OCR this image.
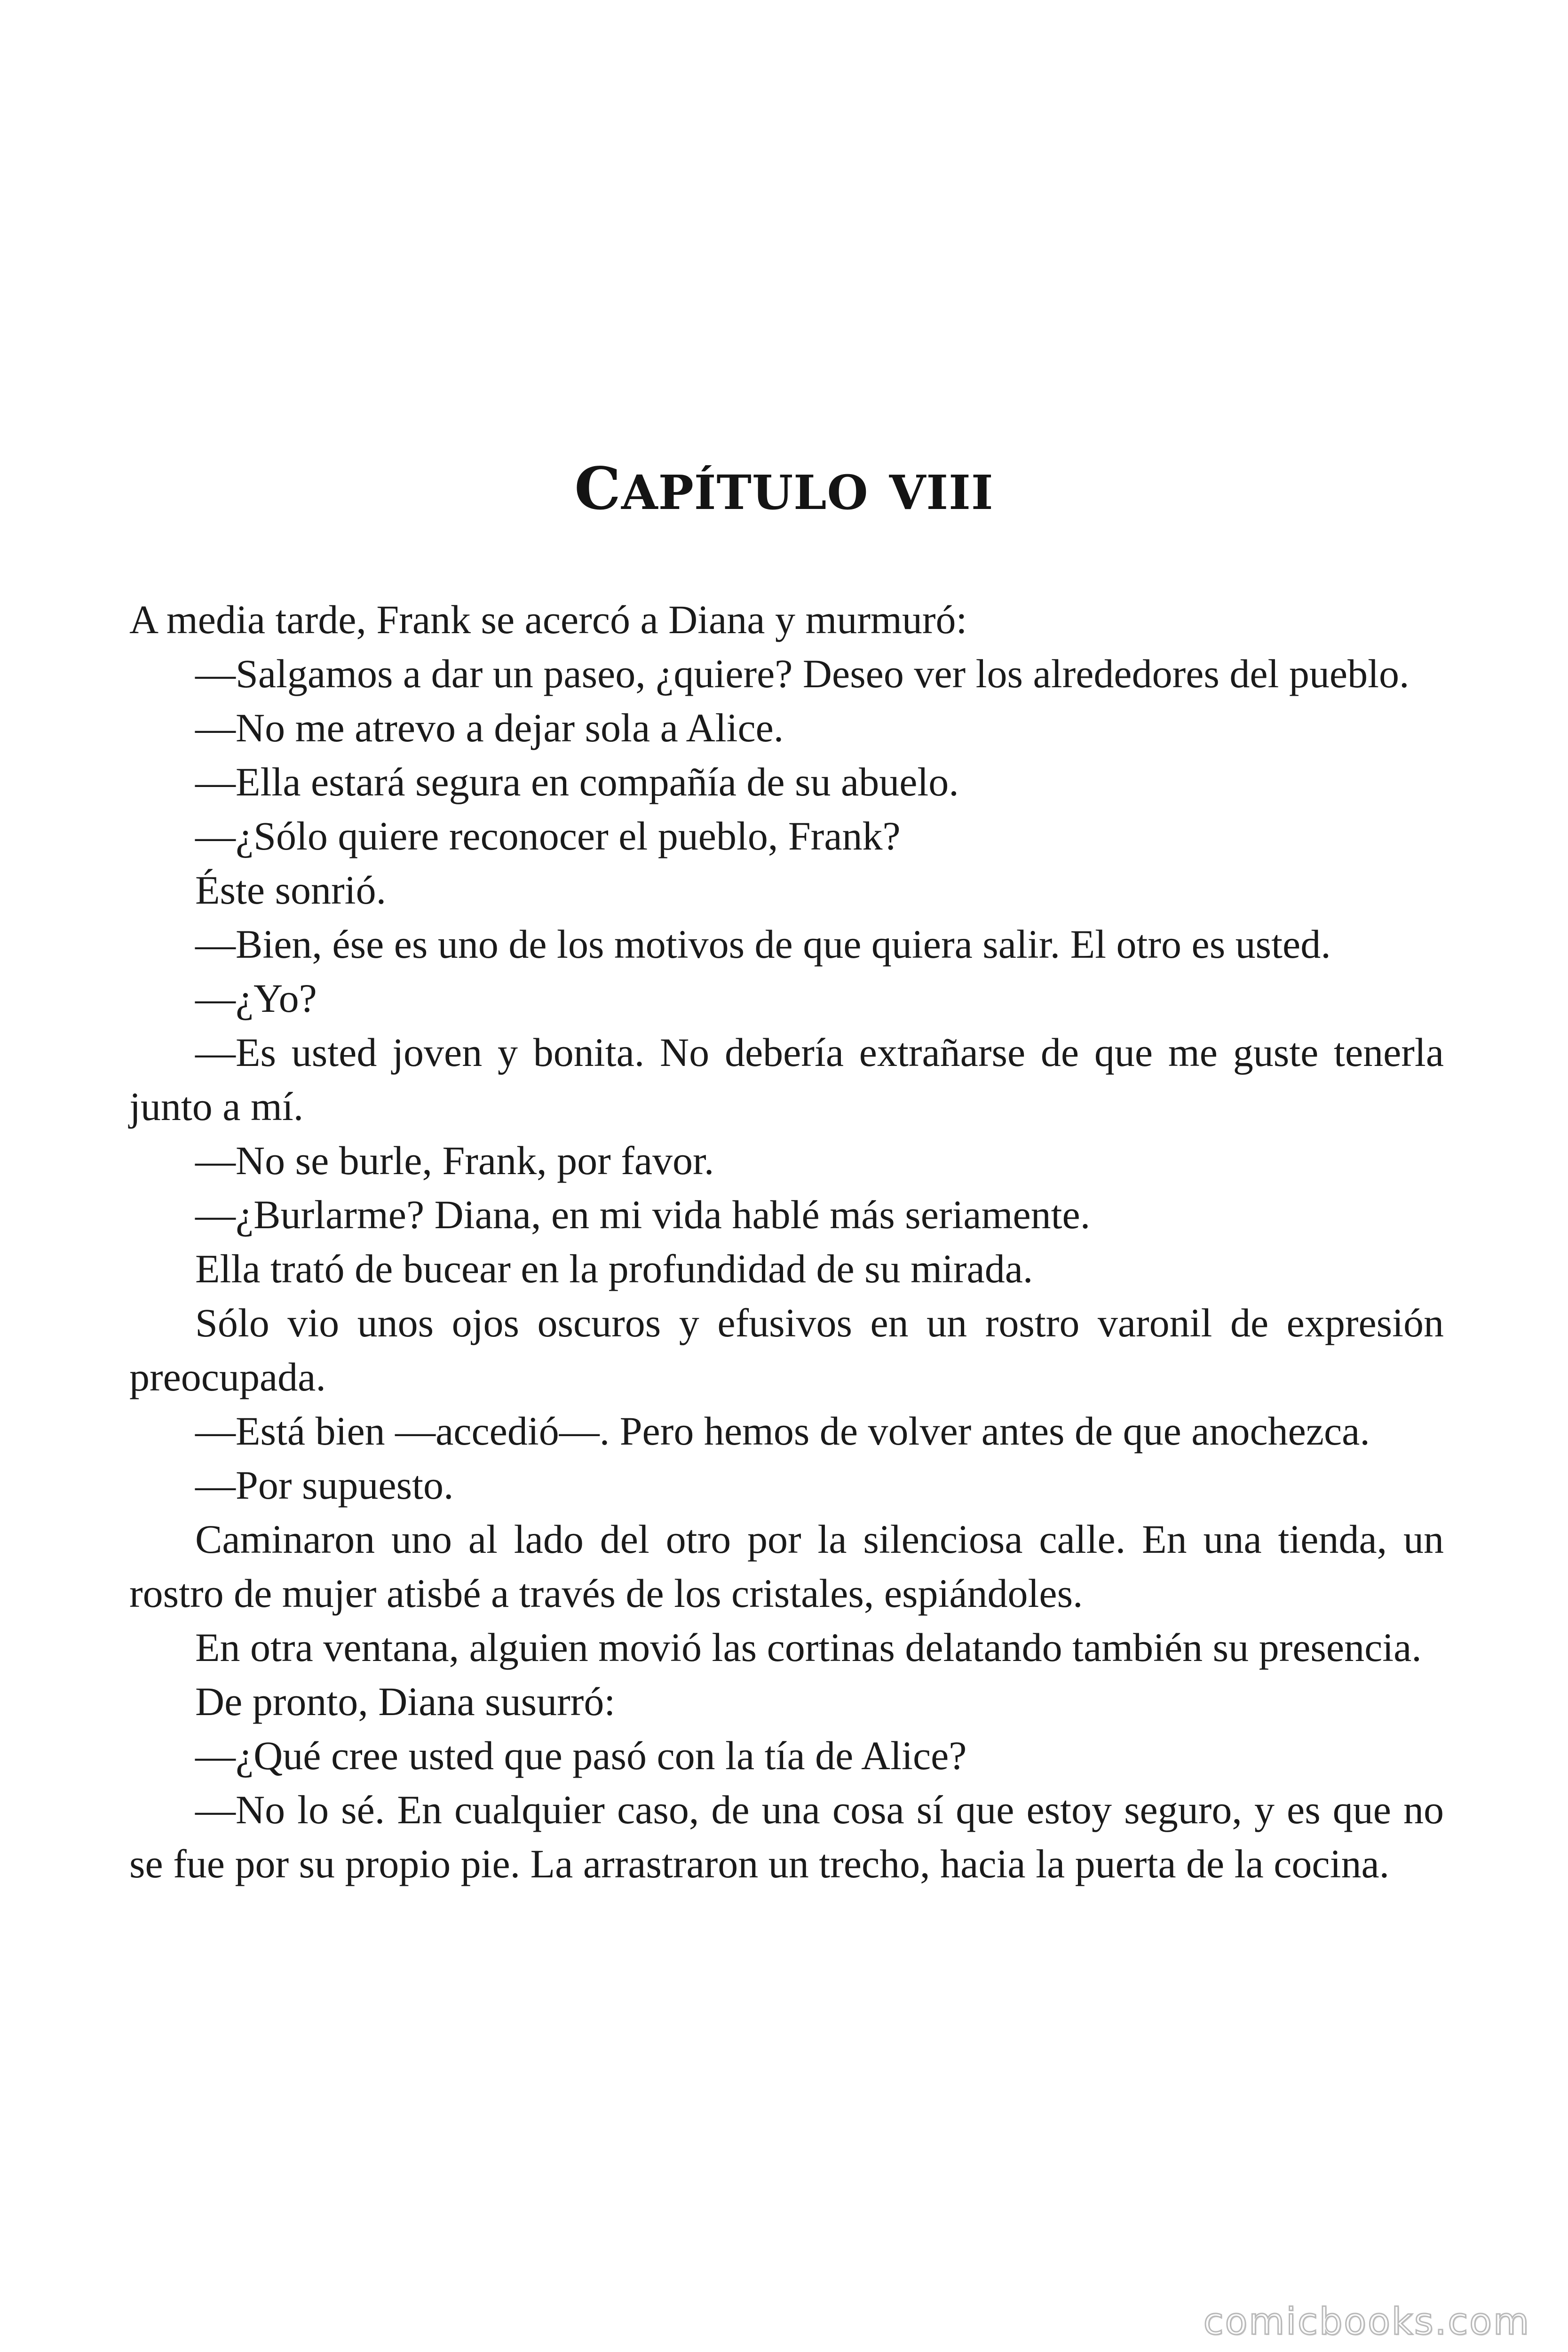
CAPÍTULO VIII

A media tarde, Frank se acercó a Diana y murmuró:

—Salgamos a dar un paseo, ¿quiere? Deseo ver los alrededores del pueblo.

—No me atrevo a dejar sola a Alice.

—Ella estará segura en compañía de su abuelo.

—¿Sólo quiere reconocer el pueblo, Frank?

Éste sonrió.

—Bien, ése es uno de los motivos de que quiera salir. El otro es usted.

—¿Yo?

—Es usted joven y bonita. No debería extrañarse de que me guste tenerla junto a mí.

—No se burle, Frank, por favor.

—¿Burlarme? Diana, en mi vida hablé más seriamente.

Ella trató de bucear en la profundidad de su mirada.

Sólo vio unos ojos oscuros y efusivos en un rostro varonil de expresión preocupada.

—Está bien —accedió—. Pero hemos de volver antes de que anochezca.

—Por supuesto.

Caminaron uno al lado del otro por la silenciosa calle. En una tienda, un rostro de mujer atisbé a través de los cristales, espiándoles.

En otra ventana, alguien movió las cortinas delatando también su presencia.

De pronto, Diana susurró:

—¿Qué cree usted que pasó con la tía de Alice?

—No lo sé. En cualquier caso, de una cosa sí que estoy seguro, y es que no se fue por su propio pie. La arrastraron un trecho, hacia la puerta de la cocina.

comicbooks.com
